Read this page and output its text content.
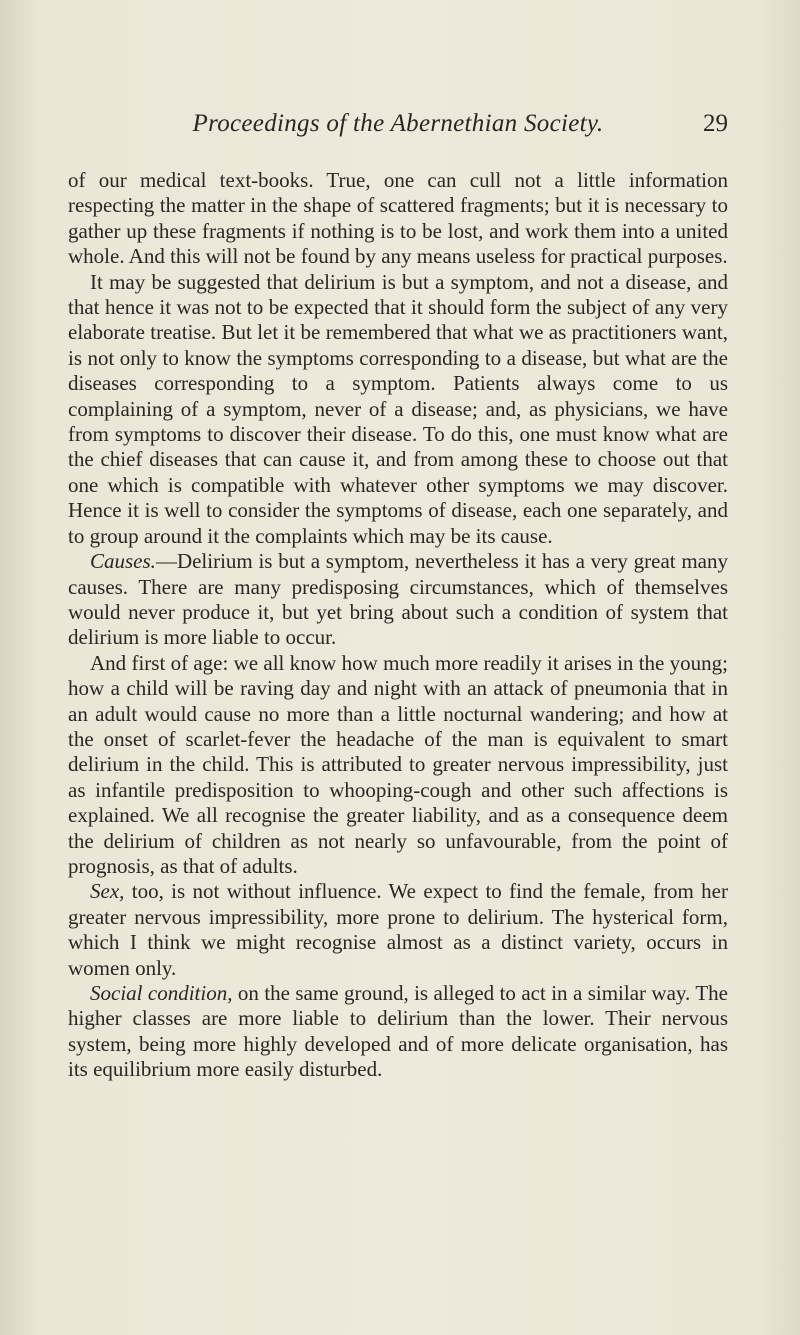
Proceedings of the Abernethian Society.	29

of our medical text-books. True, one can cull not a little information respecting the matter in the shape of scattered fragments; but it is necessary to gather up these fragments if nothing is to be lost, and work them into a united whole. And this will not be found by any means useless for practical purposes.

It may be suggested that delirium is but a symptom, and not a disease, and that hence it was not to be expected that it should form the subject of any very elaborate treatise. But let it be remembered that what we as practitioners want, is not only to know the symptoms corresponding to a disease, but what are the diseases corresponding to a symptom. Patients always come to us complaining of a symptom, never of a disease; and, as physicians, we have from symptoms to discover their disease. To do this, one must know what are the chief diseases that can cause it, and from among these to choose out that one which is compatible with whatever other symptoms we may discover. Hence it is well to consider the symptoms of disease, each one separately, and to group around it the complaints which may be its cause.

Causes.—Delirium is but a symptom, nevertheless it has a very great many causes. There are many predisposing circumstances, which of themselves would never produce it, but yet bring about such a condition of system that delirium is more liable to occur.

And first of age: we all know how much more readily it arises in the young; how a child will be raving day and night with an attack of pneumonia that in an adult would cause no more than a little nocturnal wandering; and how at the onset of scarlet-fever the headache of the man is equivalent to smart delirium in the child. This is attributed to greater nervous impressibility, just as infantile predisposition to whooping-cough and other such affections is explained. We all recognise the greater liability, and as a consequence deem the delirium of children as not nearly so unfavourable, from the point of prognosis, as that of adults.

Sex, too, is not without influence. We expect to find the female, from her greater nervous impressibility, more prone to delirium. The hysterical form, which I think we might recognise almost as a distinct variety, occurs in women only.

Social condition, on the same ground, is alleged to act in a similar way. The higher classes are more liable to delirium than the lower. Their nervous system, being more highly developed and of more delicate organisation, has its equilibrium more easily disturbed.
